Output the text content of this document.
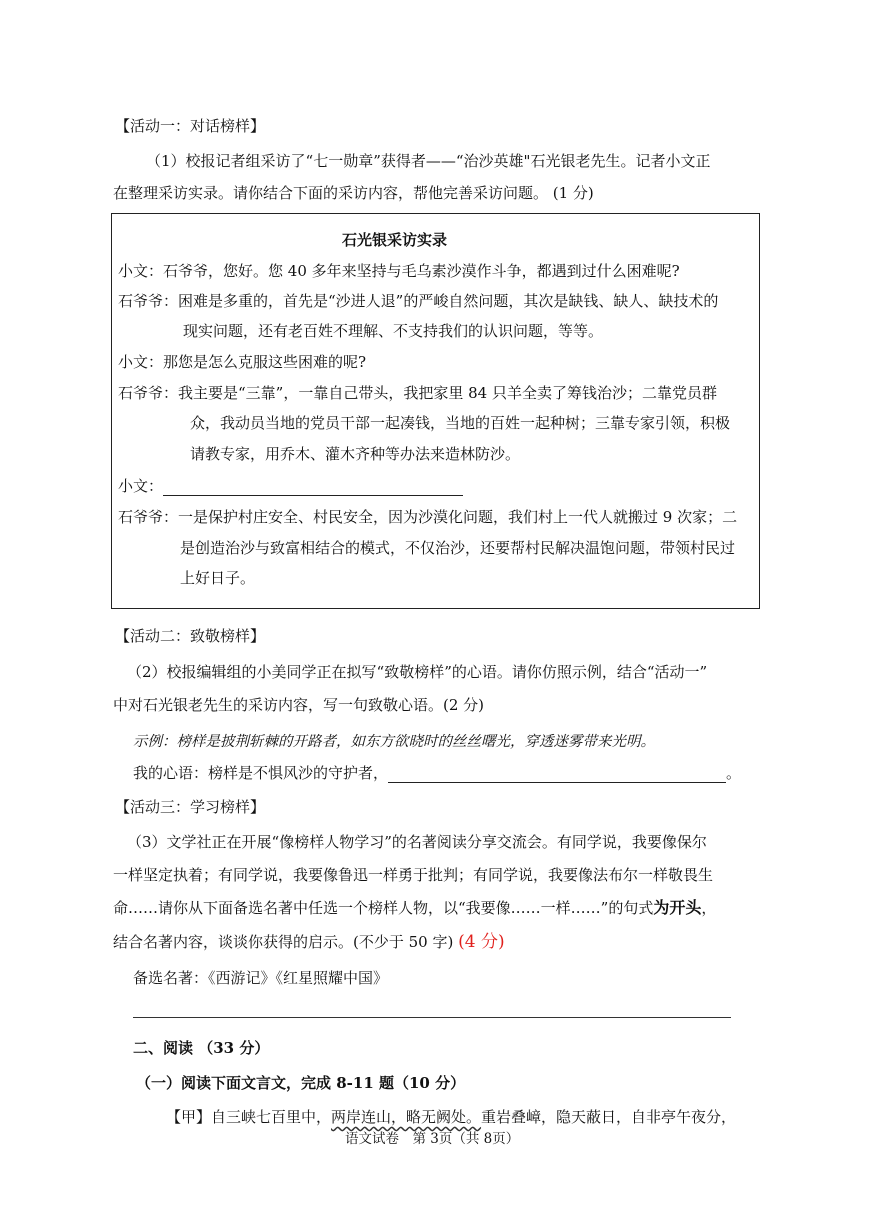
【活动一：对话榜样】
（1）校报记者组采访了“七一勋章”获得者——“治沙英雄"石光银老先生。记者小文正
在整理采访实录。请你结合下面的采访内容，帮他完善采访问题。 (1 分)
石光银采访实录
小文：石爷爷，您好。您 40 多年来坚持与毛乌素沙漠作斗争，都遇到过什么困难呢?
石爷爷：困难是多重的，首先是“沙进人退”的严峻自然问题，其次是缺钱、缺人、缺技术的
现实问题，还有老百姓不理解、不支持我们的认识问题，等等。
小文：那您是怎么克服这些困难的呢?
石爷爷：我主要是“三靠”，一靠自己带头，我把家里 84 只羊全卖了筹钱治沙；二靠党员群
众，我动员当地的党员干部一起凑钱，当地的百姓一起种树；三靠专家引领，积极
请教专家，用乔木、灌木齐种等办法来造林防沙。
小文：
石爷爷：一是保护村庄安全、村民安全，因为沙漠化问题，我们村上一代人就搬过 9 次家；二
是创造治沙与致富相结合的模式，不仅治沙，还要帮村民解决温饱问题，带领村民过
上好日子。
【活动二：致敬榜样】
（2）校报编辑组的小美同学正在拟写“致敬榜样”的心语。请你仿照示例，结合“活动一”
中对石光银老先生的采访内容，写一句致敬心语。(2 分)
示例：榜样是披荆斩棘的开路者，如东方欲晓时的丝丝曙光，穿透迷雾带来光明。
我的心语：榜样是不惧风沙的守护者，	。
【活动三：学习榜样】
（3）文学社正在开展“像榜样人物学习”的名著阅读分享交流会。有同学说，我要像保尔
一样坚定执着；有同学说，我要像鲁迅一样勇于批判；有同学说，我要像法布尔一样敬畏生
命……请你从下面备选名著中任选一个榜样人物，以“我要像……一样……”的句式为开头，
结合名著内容，谈谈你获得的启示。(不少于 50 字) (4 分)
备选名著：《西游记》《红星照耀中国》
二、阅读 （33 分）
（一）阅读下面文言文，完成 8-11 题（10 分）
【甲】自三峡七百里中，两岸连山，略无阙处。重岩叠嶂，隐天蔽日，自非亭午夜分，
语文试卷　第 3页（共 8页）
